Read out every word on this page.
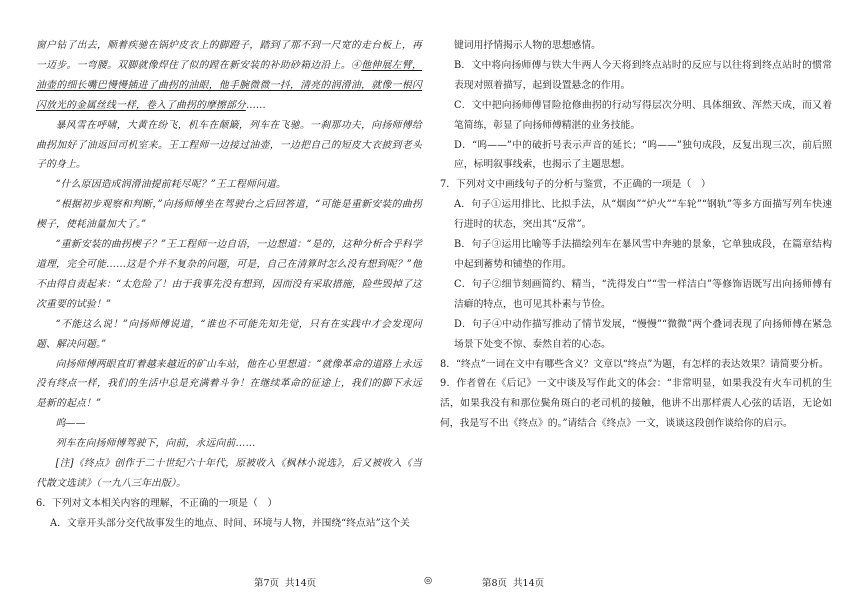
窗户钻了出去，顺着疾驰在锅炉皮衣上的脚蹬子，踏到了那不到一尺宽的走台板上，再一迈步。一弯腰。双脚就像焊住了似的蹚在新安装的补助砂箱边沿上。④他伸展左臂，油壶的细长嘴巴慢慢插进了曲拐的油眼，他手腕微微一抖，清亮的润滑油，就像一根闪闪放光的金属丝线一样，卷入了曲拐的摩擦部分……

暴风雪在呼啸，大黄在纷飞，机车在颠簸，列车在飞驰。一刹那功夫，向扬师傅给曲拐加好了油返回司机室来。王工程师一边接过油壶，一边把自己的短皮大衣披到老头子的身上。

“什么原因造成润滑油提前耗尽呢？”王工程师问道。

“根据初步观察和判断，”向扬师傅坐在驾驶台之后回答道，“可能是重新安装的曲拐楔子，使耗油量加大了。”

“重新安装的曲拐楔子？”王工程师一边自语，一边想道：“是的，这种分析合乎科学道理，完全可能……这是个并不复杂的问题，可是，自己在清算时怎么没有想到呢？”他不由得自责起来：“太危险了！由于我事先没有想到，因而没有采取措施，险些毁掉了这次重要的试验！”

“不能这么说！”向扬师傅说道，“谁也不可能先知先觉，只有在实践中才会发现问题、解决问题。”

向扬师傅两眼直盯着越来越近的矿山车站，他在心里想道：“就像革命的道路上永远没有终点一样，我们的生活中总是充满着斗争！在继续革命的征途上，我们的脚下永远是新的起点！”

呜——

列车在向扬师傅驾驶下，向前，永远向前……

[注]《终点》创作于二十世纪六十年代，原被收入《枫林小说选》，后又被收入《当代散文选读》（一九八三年出版）。

6．下列对文本相关内容的理解，不正确的一项是（　）

A．文章开头部分交代故事发生的地点、时间、环境与人物，并围绕“终点站”这个关

键词用抒情揭示人物的思想感情。

B．文中将向扬师傅与铁大牛两人今天将到终点站时的反应与以往将到终点站时的惯常表现对照着描写，起到设置悬念的作用。

C．文中把向扬师傅冒险抢修曲拐的行动写得层次分明、具体细致、浑然天成，而又着笔简练，彰显了向扬师傅精湛的业务技能。

D．“呜——”中的破折号表示声音的延长；“呜——”独句成段，反复出现三次，前后照应，标明叙事线索，也揭示了主题思想。

7．下列对文中画线句子的分析与鉴赏，不正确的一项是（　）

A．句子①运用排比、比拟手法，从“烟囱”“炉火”“车轮”“钢轨”等多方面描写列车快速行进时的状态，突出其“反常”。

B．句子③运用比喻等手法描绘列车在暴风雪中奔驰的景象，它单独成段，在篇章结构中起到蓄势和铺垫的作用。

C．句子②细节刻画简约、精当，“洗得发白”“雪一样洁白”等修饰语既写出向扬师傅有洁癖的特点，也可见其朴素与节俭。

D．句子④中动作描写推动了情节发展，“慢慢”“微微”两个叠词表现了向扬师傅在紧急场景下处变不惊、泰然自若的心态。

8．“终点”一词在文中有哪些含义？文章以“终点”为题，有怎样的表达效果？请简要分析。

9．作者曾在《后记》一文中谈及写作此文的体会：“非常明显，如果我没有火车司机的生活，如果我没有和那位鬓角斑白的老司机的接触，他讲不出那样震人心弦的话语，无论如何，我是写不出《终点》的。”请结合《终点》一文，谈谈这段创作谈给你的启示。

第7页 共14页	◎	第8页 共14页
